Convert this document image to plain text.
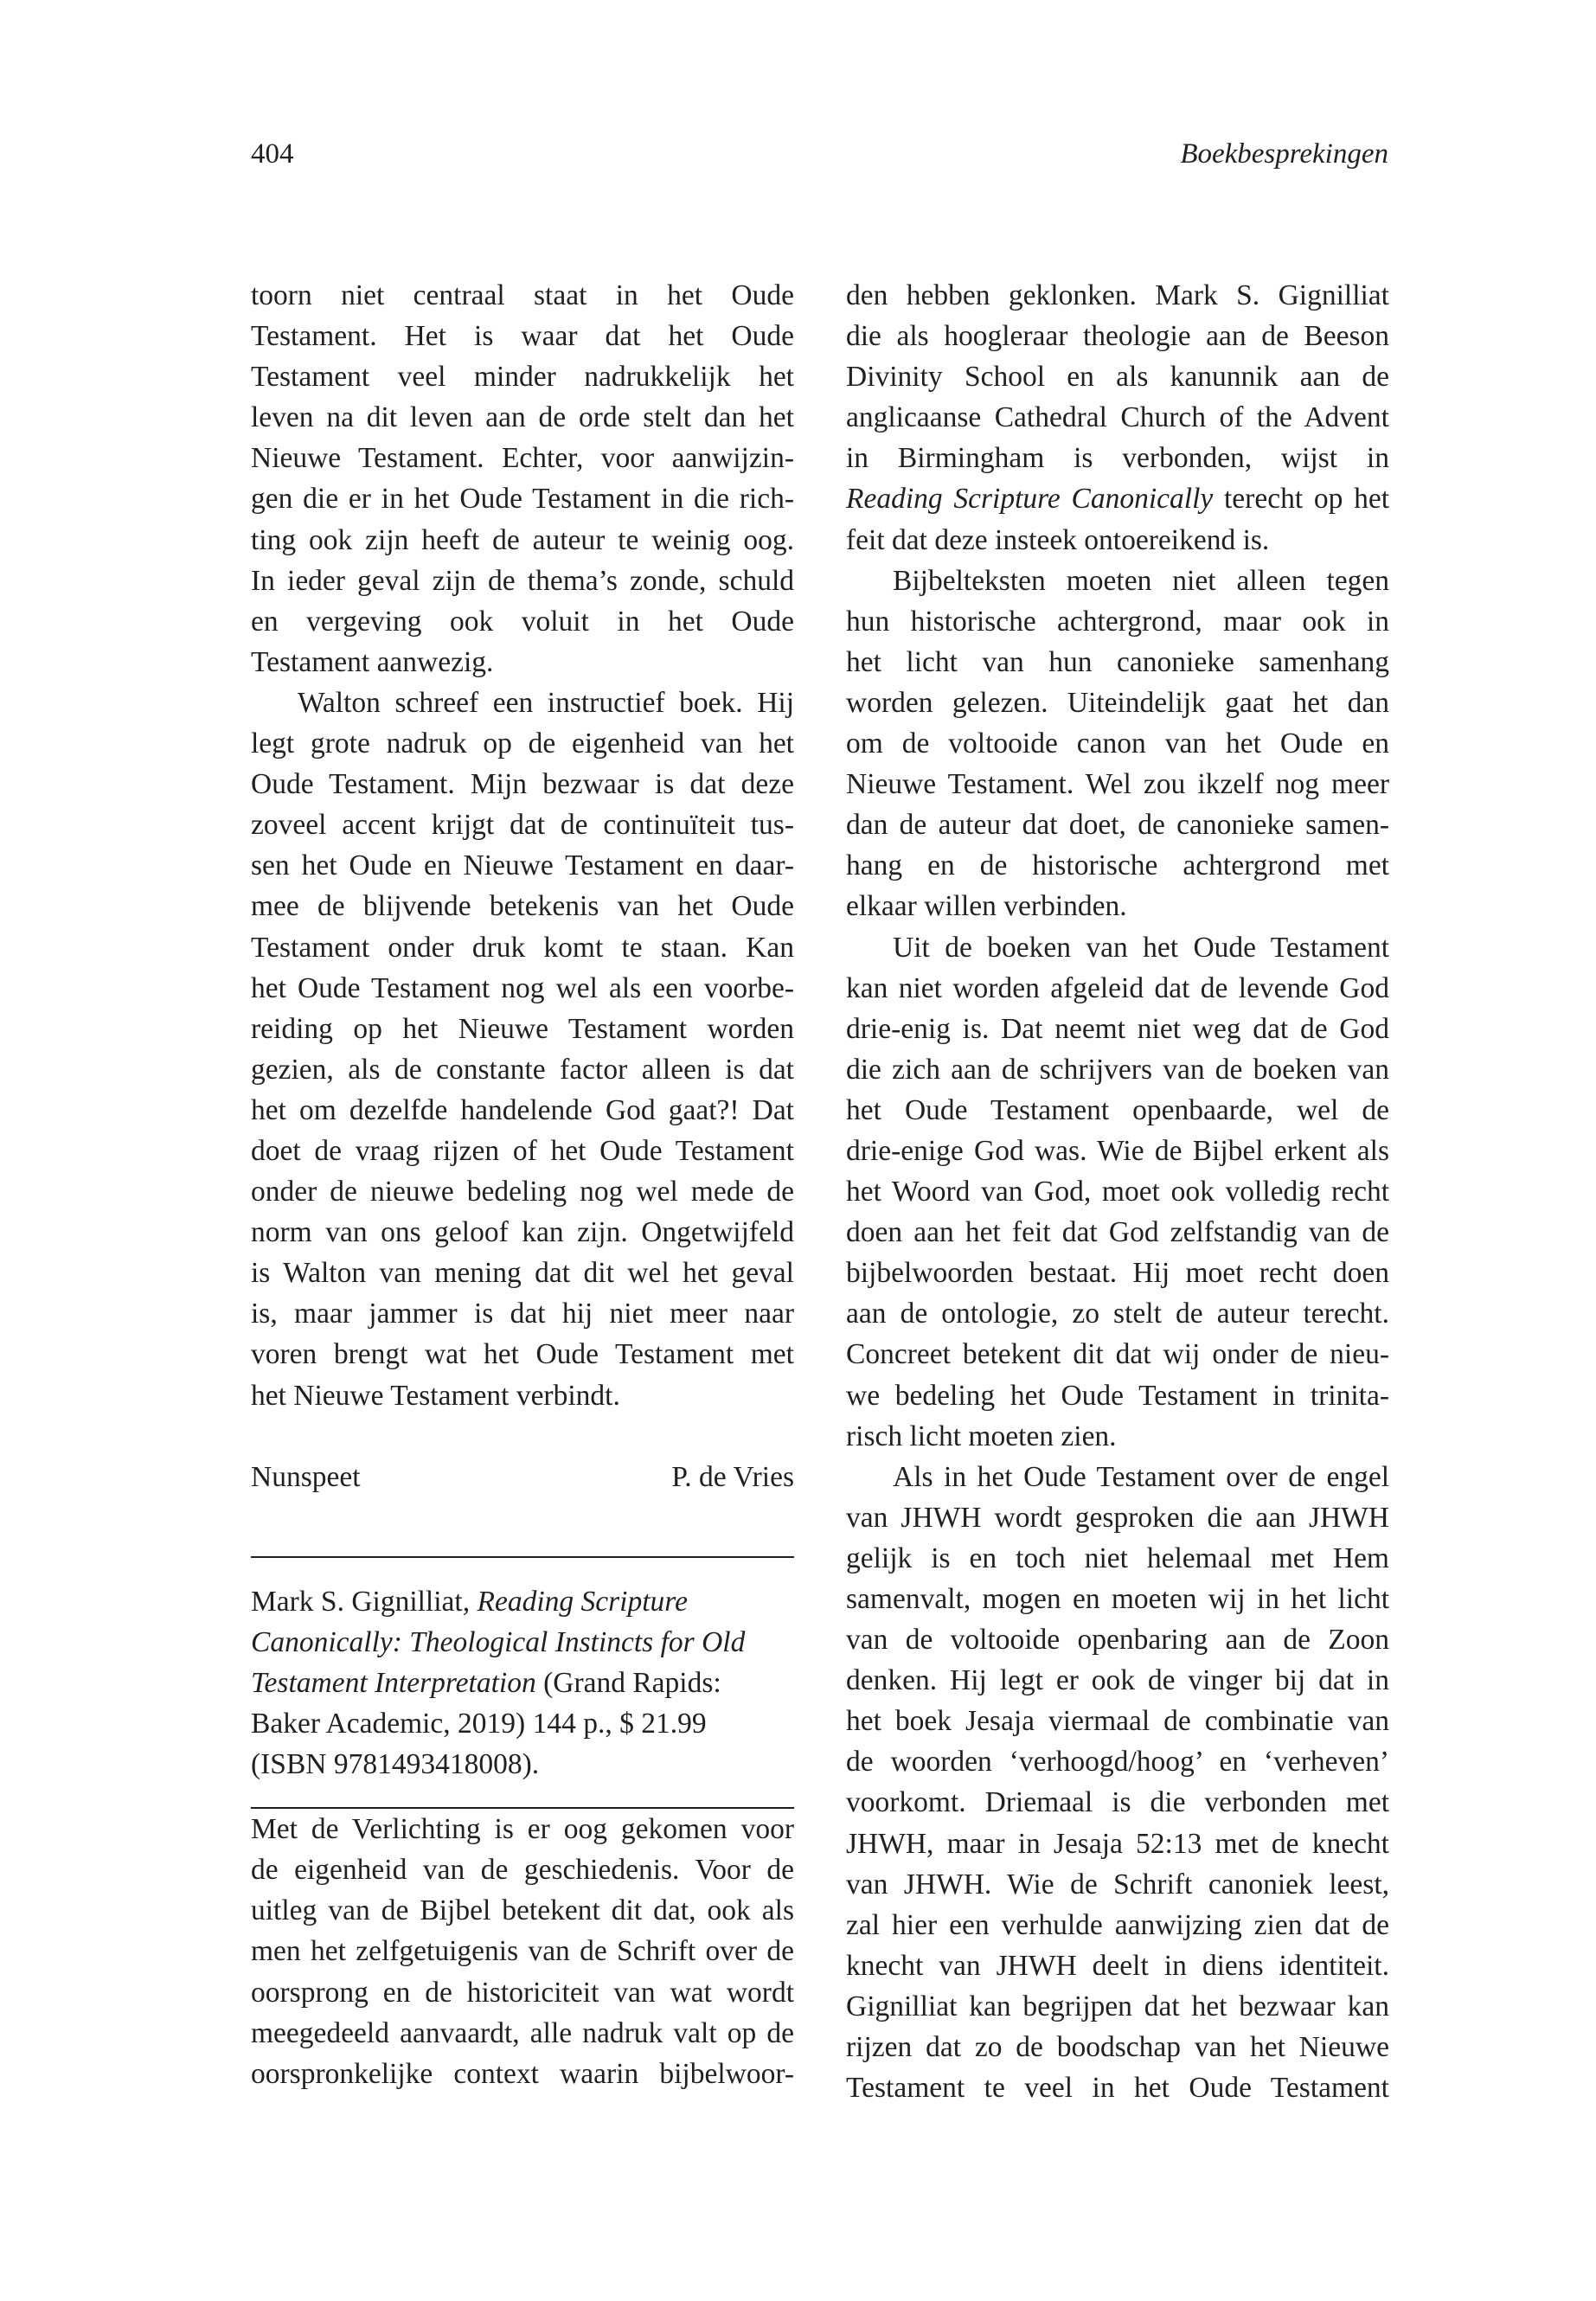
404	Boekbesprekingen

toorn niet centraal staat in het Oude
Testament. Het is waar dat het Oude
Testament veel minder nadrukkelijk het
leven na dit leven aan de orde stelt dan het
Nieuwe Testament. Echter, voor aanwijzin-
gen die er in het Oude Testament in die rich-
ting ook zijn heeft de auteur te weinig oog.
In ieder geval zijn de thema’s zonde, schuld
en vergeving ook voluit in het Oude
Testament aanwezig.

Walton schreef een instructief boek. Hij
legt grote nadruk op de eigenheid van het
Oude Testament. Mijn bezwaar is dat deze
zoveel accent krijgt dat de continuïteit tus-
sen het Oude en Nieuwe Testament en daar-
mee de blijvende betekenis van het Oude
Testament onder druk komt te staan. Kan
het Oude Testament nog wel als een voorbe-
reiding op het Nieuwe Testament worden
gezien, als de constante factor alleen is dat
het om dezelfde handelende God gaat?! Dat
doet de vraag rijzen of het Oude Testament
onder de nieuwe bedeling nog wel mede de
norm van ons geloof kan zijn. Ongetwijfeld
is Walton van mening dat dit wel het geval
is, maar jammer is dat hij niet meer naar
voren brengt wat het Oude Testament met
het Nieuwe Testament verbindt.

Nunspeet	P. de Vries
Mark S. Gignilliat, Reading Scripture
Canonically: Theological Instincts for Old
Testament Interpretation (Grand Rapids:
Baker Academic, 2019) 144 p., $ 21.99
(ISBN 9781493418008).

Met de Verlichting is er oog gekomen voor
de eigenheid van de geschiedenis. Voor de
uitleg van de Bijbel betekent dit dat, ook als
men het zelfgetuigenis van de Schrift over de
oorsprong en de historiciteit van wat wordt
meegedeeld aanvaardt, alle nadruk valt op de
oorspronkelijke context waarin bijbelwoor-

den hebben geklonken. Mark S. Gignilliat
die als hoogleraar theologie aan de Beeson
Divinity School en als kanunnik aan de
anglicaanse Cathedral Church of the Advent
in Birmingham is verbonden, wijst in
Reading Scripture Canonically terecht op het
feit dat deze insteek ontoereikend is.

Bijbelteksten moeten niet alleen tegen
hun historische achtergrond, maar ook in
het licht van hun canonieke samenhang
worden gelezen. Uiteindelijk gaat het dan
om de voltooide canon van het Oude en
Nieuwe Testament. Wel zou ikzelf nog meer
dan de auteur dat doet, de canonieke samen-
hang en de historische achtergrond met
elkaar willen verbinden.

Uit de boeken van het Oude Testament
kan niet worden afgeleid dat de levende God
drie-enig is. Dat neemt niet weg dat de God
die zich aan de schrijvers van de boeken van
het Oude Testament openbaarde, wel de
drie-enige God was. Wie de Bijbel erkent als
het Woord van God, moet ook volledig recht
doen aan het feit dat God zelfstandig van de
bijbelwoorden bestaat. Hij moet recht doen
aan de ontologie, zo stelt de auteur terecht.
Concreet betekent dit dat wij onder de nieu-
we bedeling het Oude Testament in trinita-
risch licht moeten zien.

Als in het Oude Testament over de engel
van JHWH wordt gesproken die aan JHWH
gelijk is en toch niet helemaal met Hem
samenvalt, mogen en moeten wij in het licht
van de voltooide openbaring aan de Zoon
denken. Hij legt er ook de vinger bij dat in
het boek Jesaja viermaal de combinatie van
de woorden ‘verhoogd/hoog’ en ‘verheven’
voorkomt. Driemaal is die verbonden met
JHWH, maar in Jesaja 52:13 met de knecht
van JHWH. Wie de Schrift canoniek leest,
zal hier een verhulde aanwijzing zien dat de
knecht van JHWH deelt in diens identiteit.
Gignilliat kan begrijpen dat het bezwaar kan
rijzen dat zo de boodschap van het Nieuwe
Testament te veel in het Oude Testament
